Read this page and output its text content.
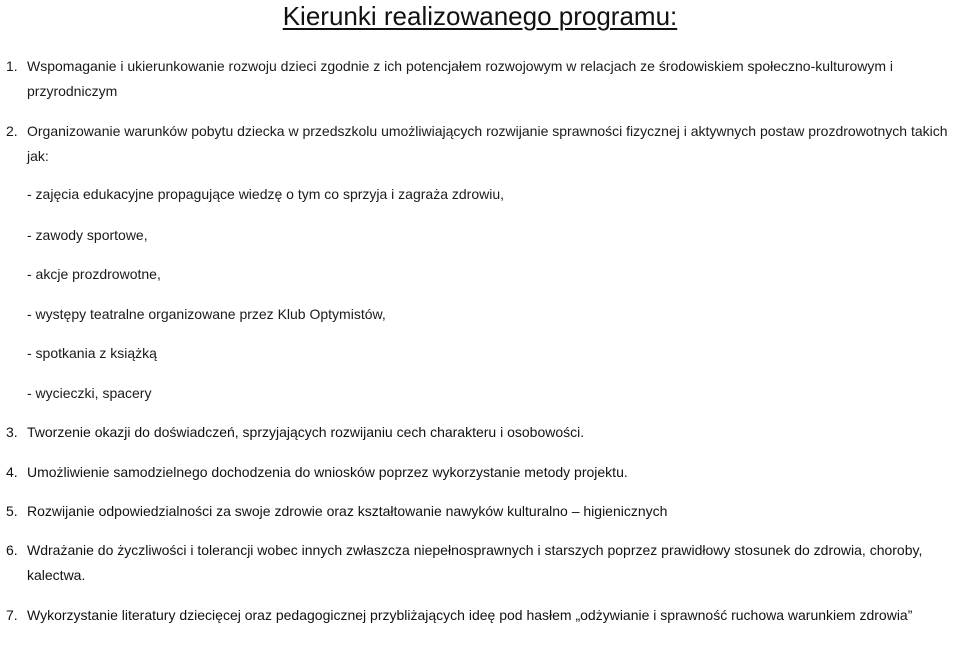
Kierunki realizowanego programu:
1. Wspomaganie i ukierunkowanie rozwoju dzieci zgodnie z ich potencjałem rozwojowym w relacjach ze środowiskiem społeczno-kulturowym i przyrodniczym
2. Organizowanie warunków pobytu dziecka w przedszkolu umożliwiających rozwijanie sprawności fizycznej i aktywnych postaw prozdrowotnych takich jak:
- zajęcia edukacyjne propagujące wiedzę o tym co sprzyja i zagraża zdrowiu,
- zawody sportowe,
- akcje prozdrowotne,
- występy teatralne organizowane przez Klub Optymistów,
- spotkania z książką
- wycieczki, spacery
3. Tworzenie okazji do doświadczeń, sprzyjających rozwijaniu cech charakteru i osobowości.
4. Umożliwienie samodzielnego dochodzenia do wniosków poprzez wykorzystanie metody projektu.
5. Rozwijanie odpowiedzialności za swoje zdrowie oraz kształtowanie nawyków kulturalno – higienicznych
6. Wdrażanie do życzliwości i tolerancji wobec innych zwłaszcza niepełnosprawnych i starszych poprzez prawidłowy stosunek do zdrowia, choroby, kalectwa.
7. Wykorzystanie literatury dziecięcej oraz pedagogicznej przybliżających ideę pod hasłem „odżywianie i sprawność ruchowa warunkiem zdrowia”
